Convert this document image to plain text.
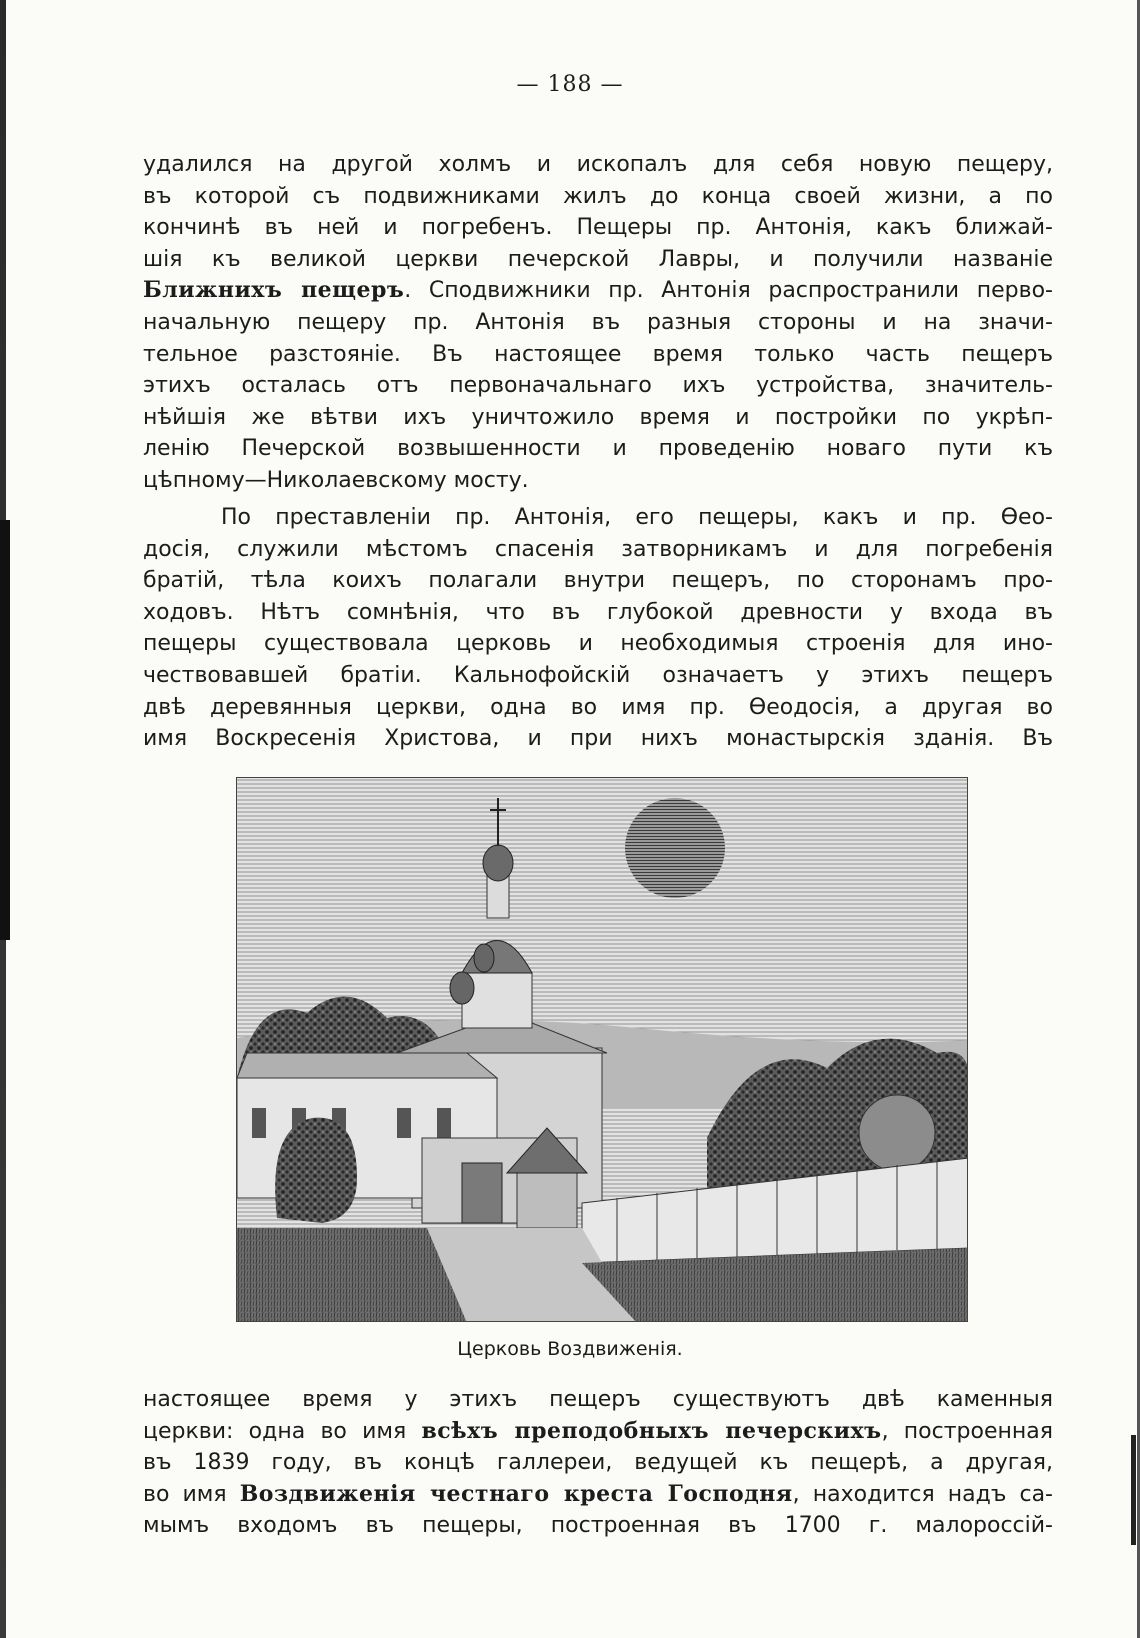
— 188 —
удалился на другой холмъ и ископалъ для себя новую пещеру,
въ которой съ подвижниками жилъ до конца своей жизни, а по
кончинѣ въ ней и погребенъ. Пещеры пр. Антонія, какъ ближай-
шія къ великой церкви печерской Лавры, и получили названіе
Ближнихъ пещеръ. Сподвижники пр. Антонія распространили перво-
начальную пещеру пр. Антонія въ разныя стороны и на значи-
тельное разстояніе. Въ настоящее время только часть пещеръ
этихъ осталась отъ первоначальнаго ихъ устройства, значитель-
нѣйшія же вѣтви ихъ уничтожило время и постройки по укрѣп-
ленію Печерской возвышенности и проведенію новаго пути къ
цѣпному—Николаевскому мосту.
По преставленіи пр. Антонія, его пещеры, какъ и пр. Ѳео-
досія, служили мѣстомъ спасенія затворникамъ и для погребенія
братій, тѣла коихъ полагали внутри пещеръ, по сторонамъ про-
ходовъ. Нѣтъ сомнѣнія, что въ глубокой древности у входа въ
пещеры существовала церковь и необходимыя строенія для ино-
чествовавшей братіи. Кальнофойскій означаетъ у этихъ пещеръ
двѣ деревянныя церкви, одна во имя пр. Ѳеодосія, а другая во
имя Воскресенія Христова, и при нихъ монастырскія зданія. Въ
Церковь Воздвиженія.
настоящее время у этихъ пещеръ существуютъ двѣ каменныя
церкви: одна во имя всѣхъ преподобныхъ печерскихъ, построенная
въ 1839 году, въ концѣ галлереи, ведущей къ пещерѣ, а другая,
во имя Воздвиженія честнаго креста Господня, находится надъ са-
мымъ входомъ въ пещеры, построенная въ 1700 г. малороссій-
